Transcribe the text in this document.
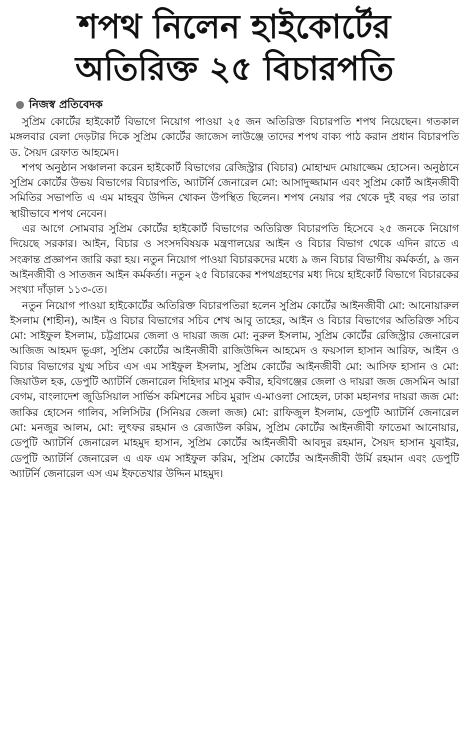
শপথ নিলেন হাইকোর্টের
অতিরিক্ত ২৫ বিচারপতি
নিজস্ব প্রতিবেদক

সুপ্রিম কোর্টের হাইকোর্ট বিভাগে নিয়োগ পাওয়া ২৫ জন অতিরিক্ত বিচারপতি শপথ নিয়েছেন। গতকাল মঙ্গলবার বেলা দেড়টার দিকে সুপ্রিম কোর্টের জাজেস লাউঞ্জে তাদের শপথ বাক্য পাঠ করান প্রধান বিচারপতি ড. সৈয়দ রেফাত আহমেদ।

শপথ অনুষ্ঠান সঞ্চালনা করেন হাইকোর্ট বিভাগের রেজিস্ট্রার (বিচার) মোহাম্মদ মোয়াজ্জেম হোসেন। অনুষ্ঠানে সুপ্রিম কোর্টের উভয় বিভাগের বিচারপতি, অ্যাটর্নি জেনারেল মো: আসাদুজ্জামান এবং সুপ্রিম কোর্ট আইনজীবী সমিতির সভাপতি এ এম মাহবুব উদ্দিন খোকন উপস্থিত ছিলেন। শপথ নেয়ার পর থেকে দুই বছর পর তারা স্থায়ীভাবে শপথ নেবেন।

এর আগে সোমবার সুপ্রিম কোর্টের হাইকোর্ট বিভাগের অতিরিক্ত বিচারপতি হিসেবে ২৫ জনকে নিয়োগ দিয়েছে সরকার। আইন, বিচার ও সংসদবিষয়ক মন্ত্রণালয়ের আইন ও বিচার বিভাগ থেকে এদিন রাতে এ সংক্রান্ত প্রজ্ঞাপন জারি করা হয়। নতুন নিয়োগ পাওয়া বিচারকদের মধ্যে ৯ জন বিচার বিভাগীয় কর্মকর্তা, ৯ জন আইনজীবী ও সাতজন আইন কর্মকর্তা। নতুন ২৫ বিচারকের শপথগ্রহণের মধ্য দিয়ে হাইকোর্ট বিভাগে বিচারকের সংখ্যা দাঁড়াল ১১৩-তে।

নতুন নিয়োগ পাওয়া হাইকোর্টের অতিরিক্ত বিচারপতিরা হলেন সুপ্রিম কোর্টের আইনজীবী মো: আনোয়ারুল ইসলাম (শাহীন), আইন ও বিচার বিভাগের সচিব শেখ আবু তাহের, আইন ও বিচার বিভাগের অতিরিক্ত সচিব মো: সাইফুল ইসলাম, চট্টগ্রামের জেলা ও দায়রা জজ মো: নুরুল ইসলাম, সুপ্রিম কোর্টের রেজিস্ট্রার জেনারেল আজিজ আহমদ ভূঞা, সুপ্রিম কোর্টের আইনজীবী রাজিউদ্দিন আহমেদ ও ফয়সাল হাসান আরিফ, আইন ও বিচার বিভাগের যুগ্ম সচিব এস এম সাইফুল ইসলাম, সুপ্রিম কোর্টের আইনজীবী মো: আসিফ হাসান ও মো: জিয়াউল হক, ডেপুটি অ্যাটর্নি জেনারেল দিহিদার মাসুম কবীর, হবিগঞ্জের জেলা ও দায়রা জজ জেসমিন আরা বেগম, বাংলাদেশ জুডিসিয়াল সার্ভিস কমিশনের সচিব মুরাদ এ-মাওলা সোহেল, ঢাকা মহানগর দায়রা জজ মো: জাকির হোসেন গালিব, সলিসিটর (সিনিয়র জেলা জজ) মো: রাফিজুল ইসলাম, ডেপুটি অ্যাটর্নি জেনারেল মো: মনজুর আলম, মো: লুৎফর রহমান ও রেজাউল করিম, সুপ্রিম কোর্টের আইনজীবী ফাতেমা আনোয়ার, ডেপুটি অ্যাটর্নি জেনারেল মাহমুদ হাসান, সুপ্রিম কোর্টের আইনজীবী আবদুর রহমান, সৈয়দ হাসান যুবাইর, ডেপুটি অ্যাটর্নি জেনারেল এ এফ এম সাইফুল করিম, সুপ্রিম কোর্টের আইনজীবী উর্মি রহমান এবং ডেপুটি অ্যাটর্নি জেনারেল এস এম ইফতেখার উদ্দিন মাহমুদ।
